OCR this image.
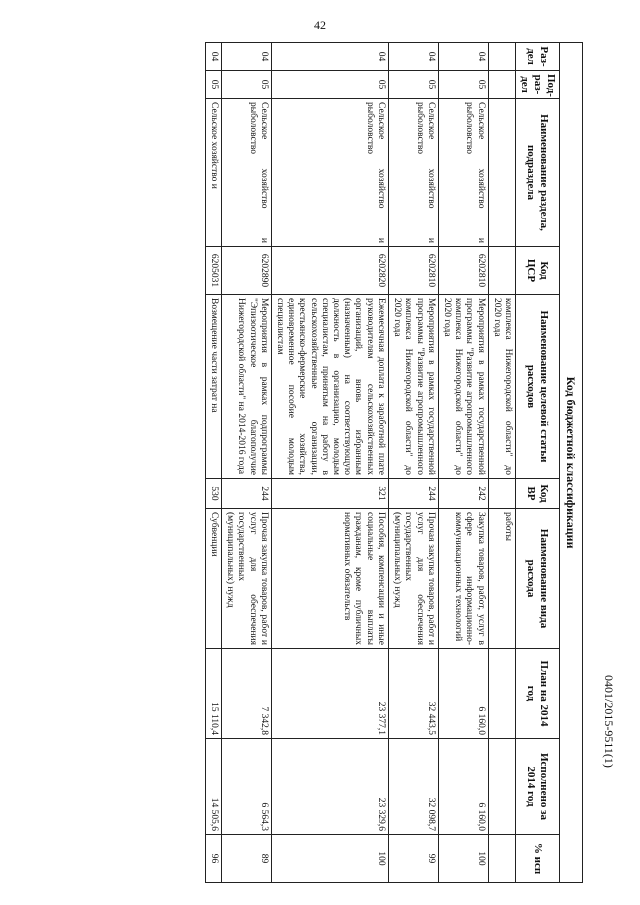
42
Код бюджетной классификации									
Раз-дел	Под-раз-дел	Наименование раздела, подраздела	Код ЦСР	Наименование целевой статьи расходов	Код ВР	Наименование вида расхода	План на 2014 год	Исполнено за 2014 год	% исп
				комплекса Нижегородской области" до 2020 года		работы			
04	05	Сельское хозяйство и рыболовство	6202810	Мероприятия в рамках государственной программы "Развитие агропромышленного комплекса Нижегородской области" до 2020 года	242	Закупка товаров, работ, услуг в сфере информационно-коммуникационных технологий	6 160,0	6 160,0	100
04	05	Сельское хозяйство и рыболовство	6202810	Мероприятия в рамках государственной программы "Развитие агропромышленного комплекса Нижегородской области" до 2020 года	244	Прочая закупка товаров, работ и услуг для обеспечения государственных (муниципальных) нужд	32 443,5	32 098,7	99
04	05	Сельское хозяйство и рыболовство	6202820	Ежемесячная доплата к заработной плате руководителям сельскохозяйственных организаций, вновь избранным (назначенным) на соответствующую должность в организацию, молодым специалистам, принятым на работу в сельскохозяйственные организации, крестьянско-фермерские хозяйства, единовременное пособие молодым специалистам	321	Пособия, компенсации и иные социальные выплаты гражданам, кроме публичных нормативных обязательств	23 377,1	23 329,6	100
04	05	Сельское хозяйство и рыболовство	6202890	Мероприятия в рамках подпрограммы "Эпизоотическое благополучие Нижегородской области" на 2014-2016 года	244	Прочая закупка товаров, работ и услуг для обеспечения государственных (муниципальных) нужд	7 342,8	6 564,3	89
04	05	Сельское хозяйство и	6205031	Возмещение части затрат на	530	Субвенции	15 110,4	14 505,6	96
0401/2015-9511(1)
